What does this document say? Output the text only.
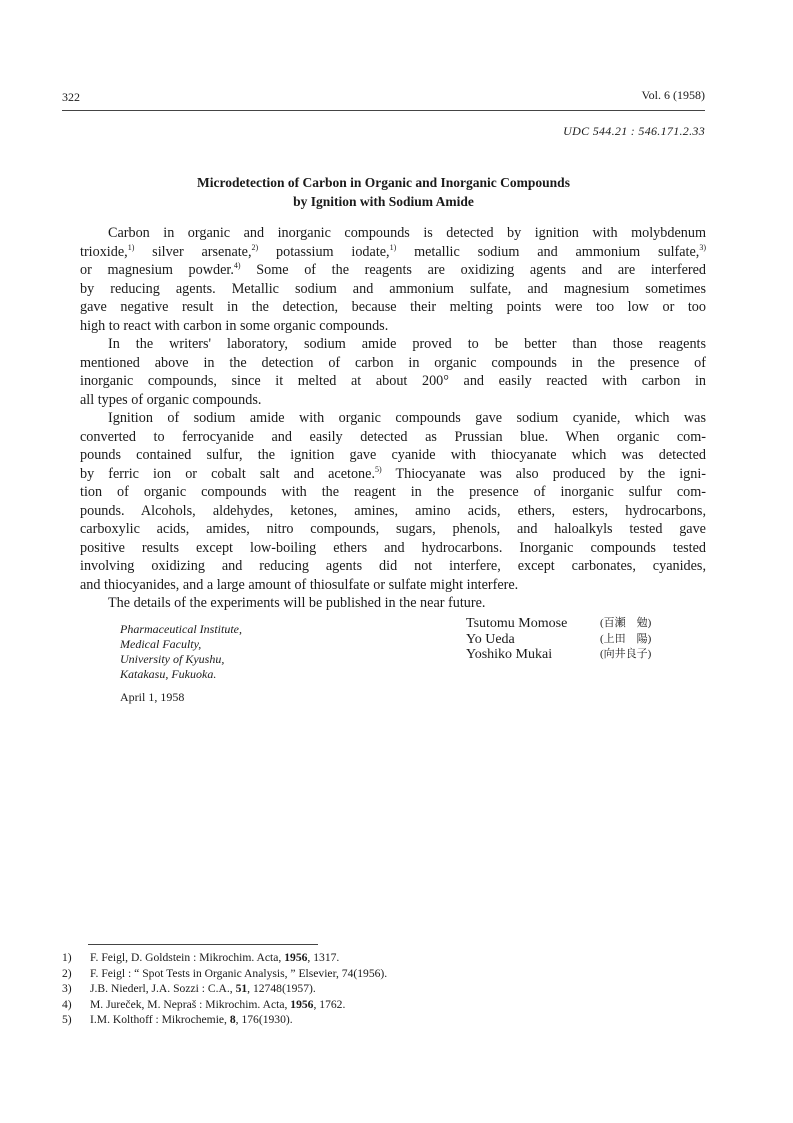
322	Vol. 6 (1958)
UDC 544.21 : 546.171.2.33
Microdetection of Carbon in Organic and Inorganic Compounds
by Ignition with Sodium Amide
Carbon in organic and inorganic compounds is detected by ignition with molybdenum
trioxide,$^{1)}$ silver arsenate,$^{2)}$ potassium iodate,$^{1)}$ metallic sodium and ammonium sulfate,$^{3)}$
or magnesium powder.$^{4)}$ Some of the reagents are oxidizing agents and are interfered
by reducing agents. Metallic sodium and ammonium sulfate, and magnesium sometimes
gave negative result in the detection, because their melting points were too low or too
high to react with carbon in some organic compounds.
In the writers' laboratory, sodium amide proved to be better than those reagents
mentioned above in the detection of carbon in organic compounds in the presence of
inorganic compounds, since it melted at about 200° and easily reacted with carbon in
all types of organic compounds.
Ignition of sodium amide with organic compounds gave sodium cyanide, which was
converted to ferrocyanide and easily detected as Prussian blue. When organic com-
pounds contained sulfur, the ignition gave cyanide with thiocyanate which was detected
by ferric ion or cobalt salt and acetone.$^{5)}$ Thiocyanate was also produced by the igni-
tion of organic compounds with the reagent in the presence of inorganic sulfur com-
pounds. Alcohols, aldehydes, ketones, amines, amino acids, ethers, esters, hydrocarbons,
carboxylic acids, amides, nitro compounds, sugars, phenols, and haloalkyls tested gave
positive results except low-boiling ethers and hydrocarbons. Inorganic compounds tested
involving oxidizing and reducing agents did not interfere, except carbonates, cyanides,
and thiocyanides, and a large amount of thiosulfate or sulfate might interfere.
The details of the experiments will be published in the near future.
Pharmaceutical Institute,
Medical Faculty,
University of Kyushu,
Katakasu, Fukuoka.
Tsutomu Momose	(百瀬　勉)
Yo Ueda	(上田　陽)
Yoshiko Mukai	(向井良子)
April 1, 1958
1) F. Feigl, D. Goldstein : Mikrochim. Acta, 1956, 1317.
2) F. Feigl : “ Spot Tests in Organic Analysis, ” Elsevier, 74(1956).
3) J.B. Niederl, J.A. Sozzi : C.A., 51, 12748(1957).
4) M. Jureček, M. Nepraš : Mikrochim. Acta, 1956, 1762.
5) I.M. Kolthoff : Mikrochemie, 8, 176(1930).
